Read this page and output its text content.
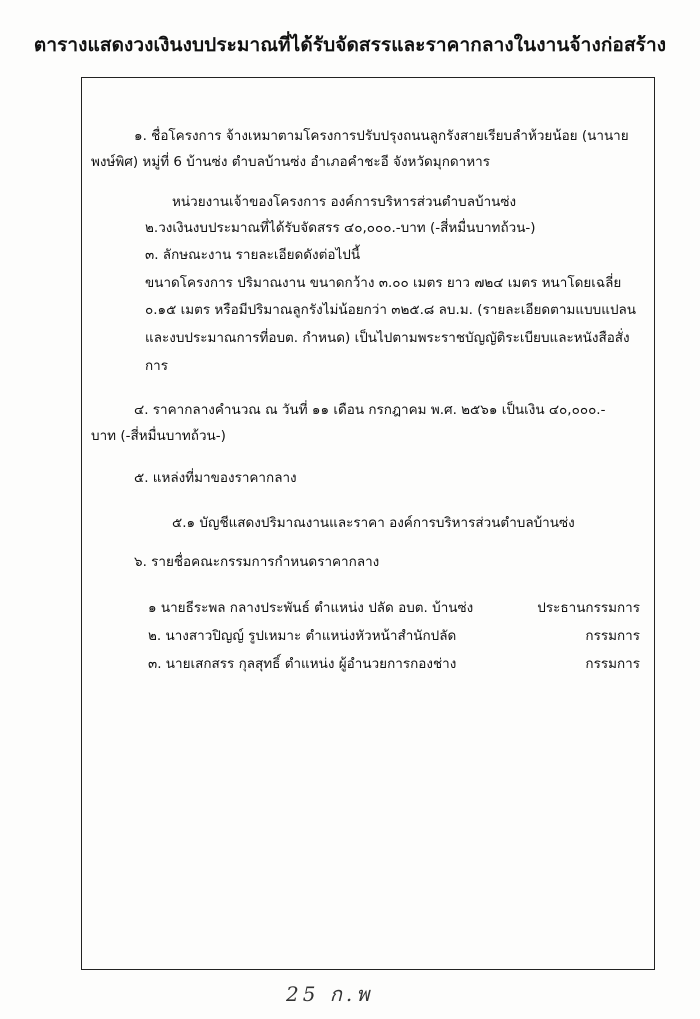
ตารางแสดงวงเงินงบประมาณที่ได้รับจัดสรรและราคากลางในงานจ้างก่อสร้าง
๑. ชื่อโครงการ จ้างเหมาตามโครงการปรับปรุงถนนลูกรังสายเรียบลำห้วยน้อย (นานาย
พงษ์พิศ) หมู่ที่ 6 บ้านซ่ง ตำบลบ้านซ่ง อำเภอคำชะอี จังหวัดมุกดาหาร
หน่วยงานเจ้าของโครงการ องค์การบริหารส่วนตำบลบ้านซ่ง
๒.วงเงินงบประมาณที่ได้รับจัดสรร ๔๐,๐๐๐.-บาท (-สี่หมื่นบาทถ้วน-)
๓. ลักษณะงาน รายละเอียดดังต่อไปนี้
ขนาดโครงการ ปริมาณงาน ขนาดกว้าง ๓.๐๐ เมตร ยาว ๗๒๔ เมตร หนาโดยเฉลี่ย
๐.๑๕ เมตร หรือมีปริมาณลูกรังไม่น้อยกว่า ๓๒๕.๘ ลบ.ม. (รายละเอียดตามแบบแปลน
และงบประมาณการที่อบต. กำหนด) เป็นไปตามพระราชบัญญัติระเบียบและหนังสือสั่ง
การ
๔. ราคากลางคำนวณ ณ วันที่ ๑๑ เดือน กรกฎาคม พ.ศ. ๒๕๖๑ เป็นเงิน ๔๐,๐๐๐.-
บาท (-สี่หมื่นบาทถ้วน-)
๕. แหล่งที่มาของราคากลาง
๕.๑ บัญชีแสดงปริมาณงานและราคา องค์การบริหารส่วนตำบลบ้านซ่ง
๖. รายชื่อคณะกรรมการกำหนดราคากลาง
๑ นายธีระพล กลางประพันธ์ ตำแหน่ง ปลัด อบต. บ้านซ่ง	ประธานกรรมการ
๒. นางสาวปิญญ์ รูปเหมาะ ตำแหน่งหัวหน้าสำนักปลัด	กรรมการ
๓. นายเสกสรร กุลสุทธิ์ ตำแหน่ง ผู้อำนวยการกองช่าง	กรรมการ
25 ก.พ
